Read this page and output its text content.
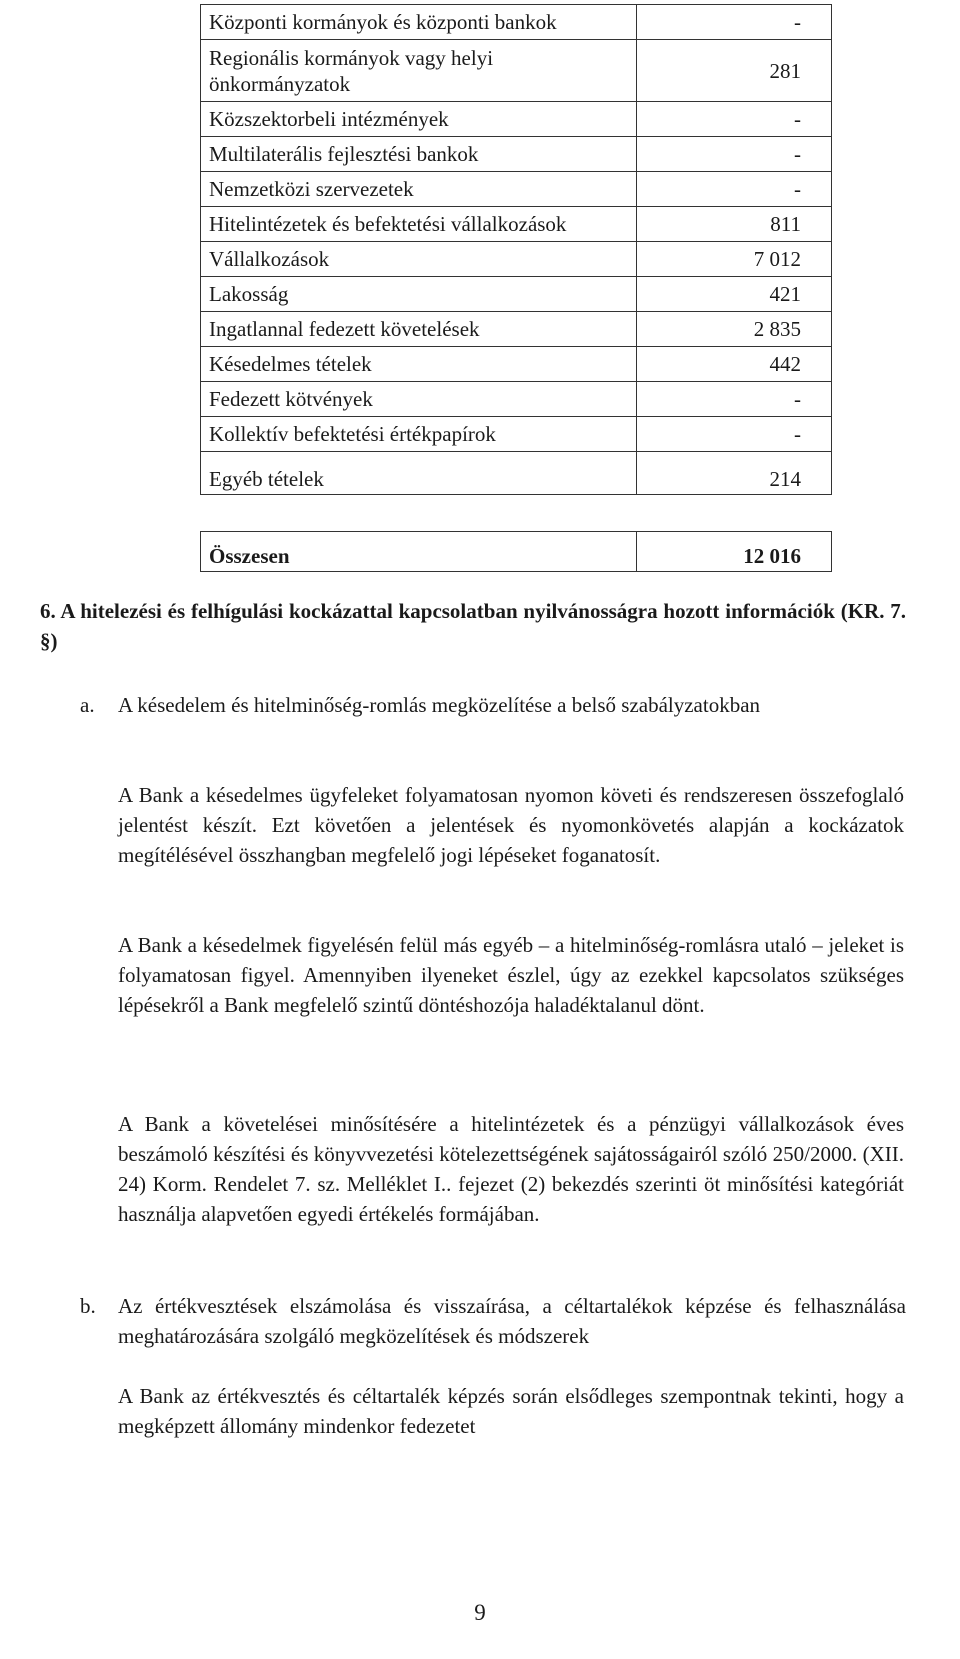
Központi kormányok és központi bankok	-
Regionális kormányok vagy helyi önkormányzatok	281
Közszektorbeli intézmények	-
Multilaterális fejlesztési bankok	-
Nemzetközi szervezetek	-
Hitelintézetek és befektetési vállalkozások	811
Vállalkozások	7 012
Lakosság	421
Ingatlannal fedezett követelések	2 835
Késedelmes tételek	442
Fedezett kötvények	-
Kollektív befektetési értékpapírok	-
Egyéb tételek	214
Összesen	12 016
6. A hitelezési és felhígulási kockázattal kapcsolatban nyilvánosságra hozott információk (KR. 7. §)
a. A késedelem és hitelminőség-romlás megközelítése a belső szabályzatokban

A Bank a késedelmes ügyfeleket folyamatosan nyomon követi és rendszeresen összefoglaló jelentést készít. Ezt követően a jelentések és nyomonkövetés alapján a kockázatok megítélésével összhangban megfelelő jogi lépéseket foganatosít.

A Bank a késedelmek figyelésén felül más egyéb – a hitelminőség-romlásra utaló – jeleket is folyamatosan figyel. Amennyiben ilyeneket észlel, úgy az ezekkel kapcsolatos szükséges lépésekről a Bank megfelelő szintű döntéshozója haladéktalanul dönt.

A Bank a követelései minősítésére a hitelintézetek és a pénzügyi vállalkozások éves beszámoló készítési és könyvvezetési kötelezettségének sajátosságairól szóló 250/2000. (XII. 24) Korm. Rendelet 7. sz. Melléklet I.. fejezet (2) bekezdés szerinti öt minősítési kategóriát használja alapvetően egyedi értékelés formájában.

b. Az értékvesztések elszámolása és visszaírása, a céltartalékok képzése és felhasználása meghatározására szolgáló megközelítések és módszerek

A Bank az értékvesztés és céltartalék képzés során elsődleges szempontnak tekinti, hogy a megképzett állomány mindenkor fedezetet

9
